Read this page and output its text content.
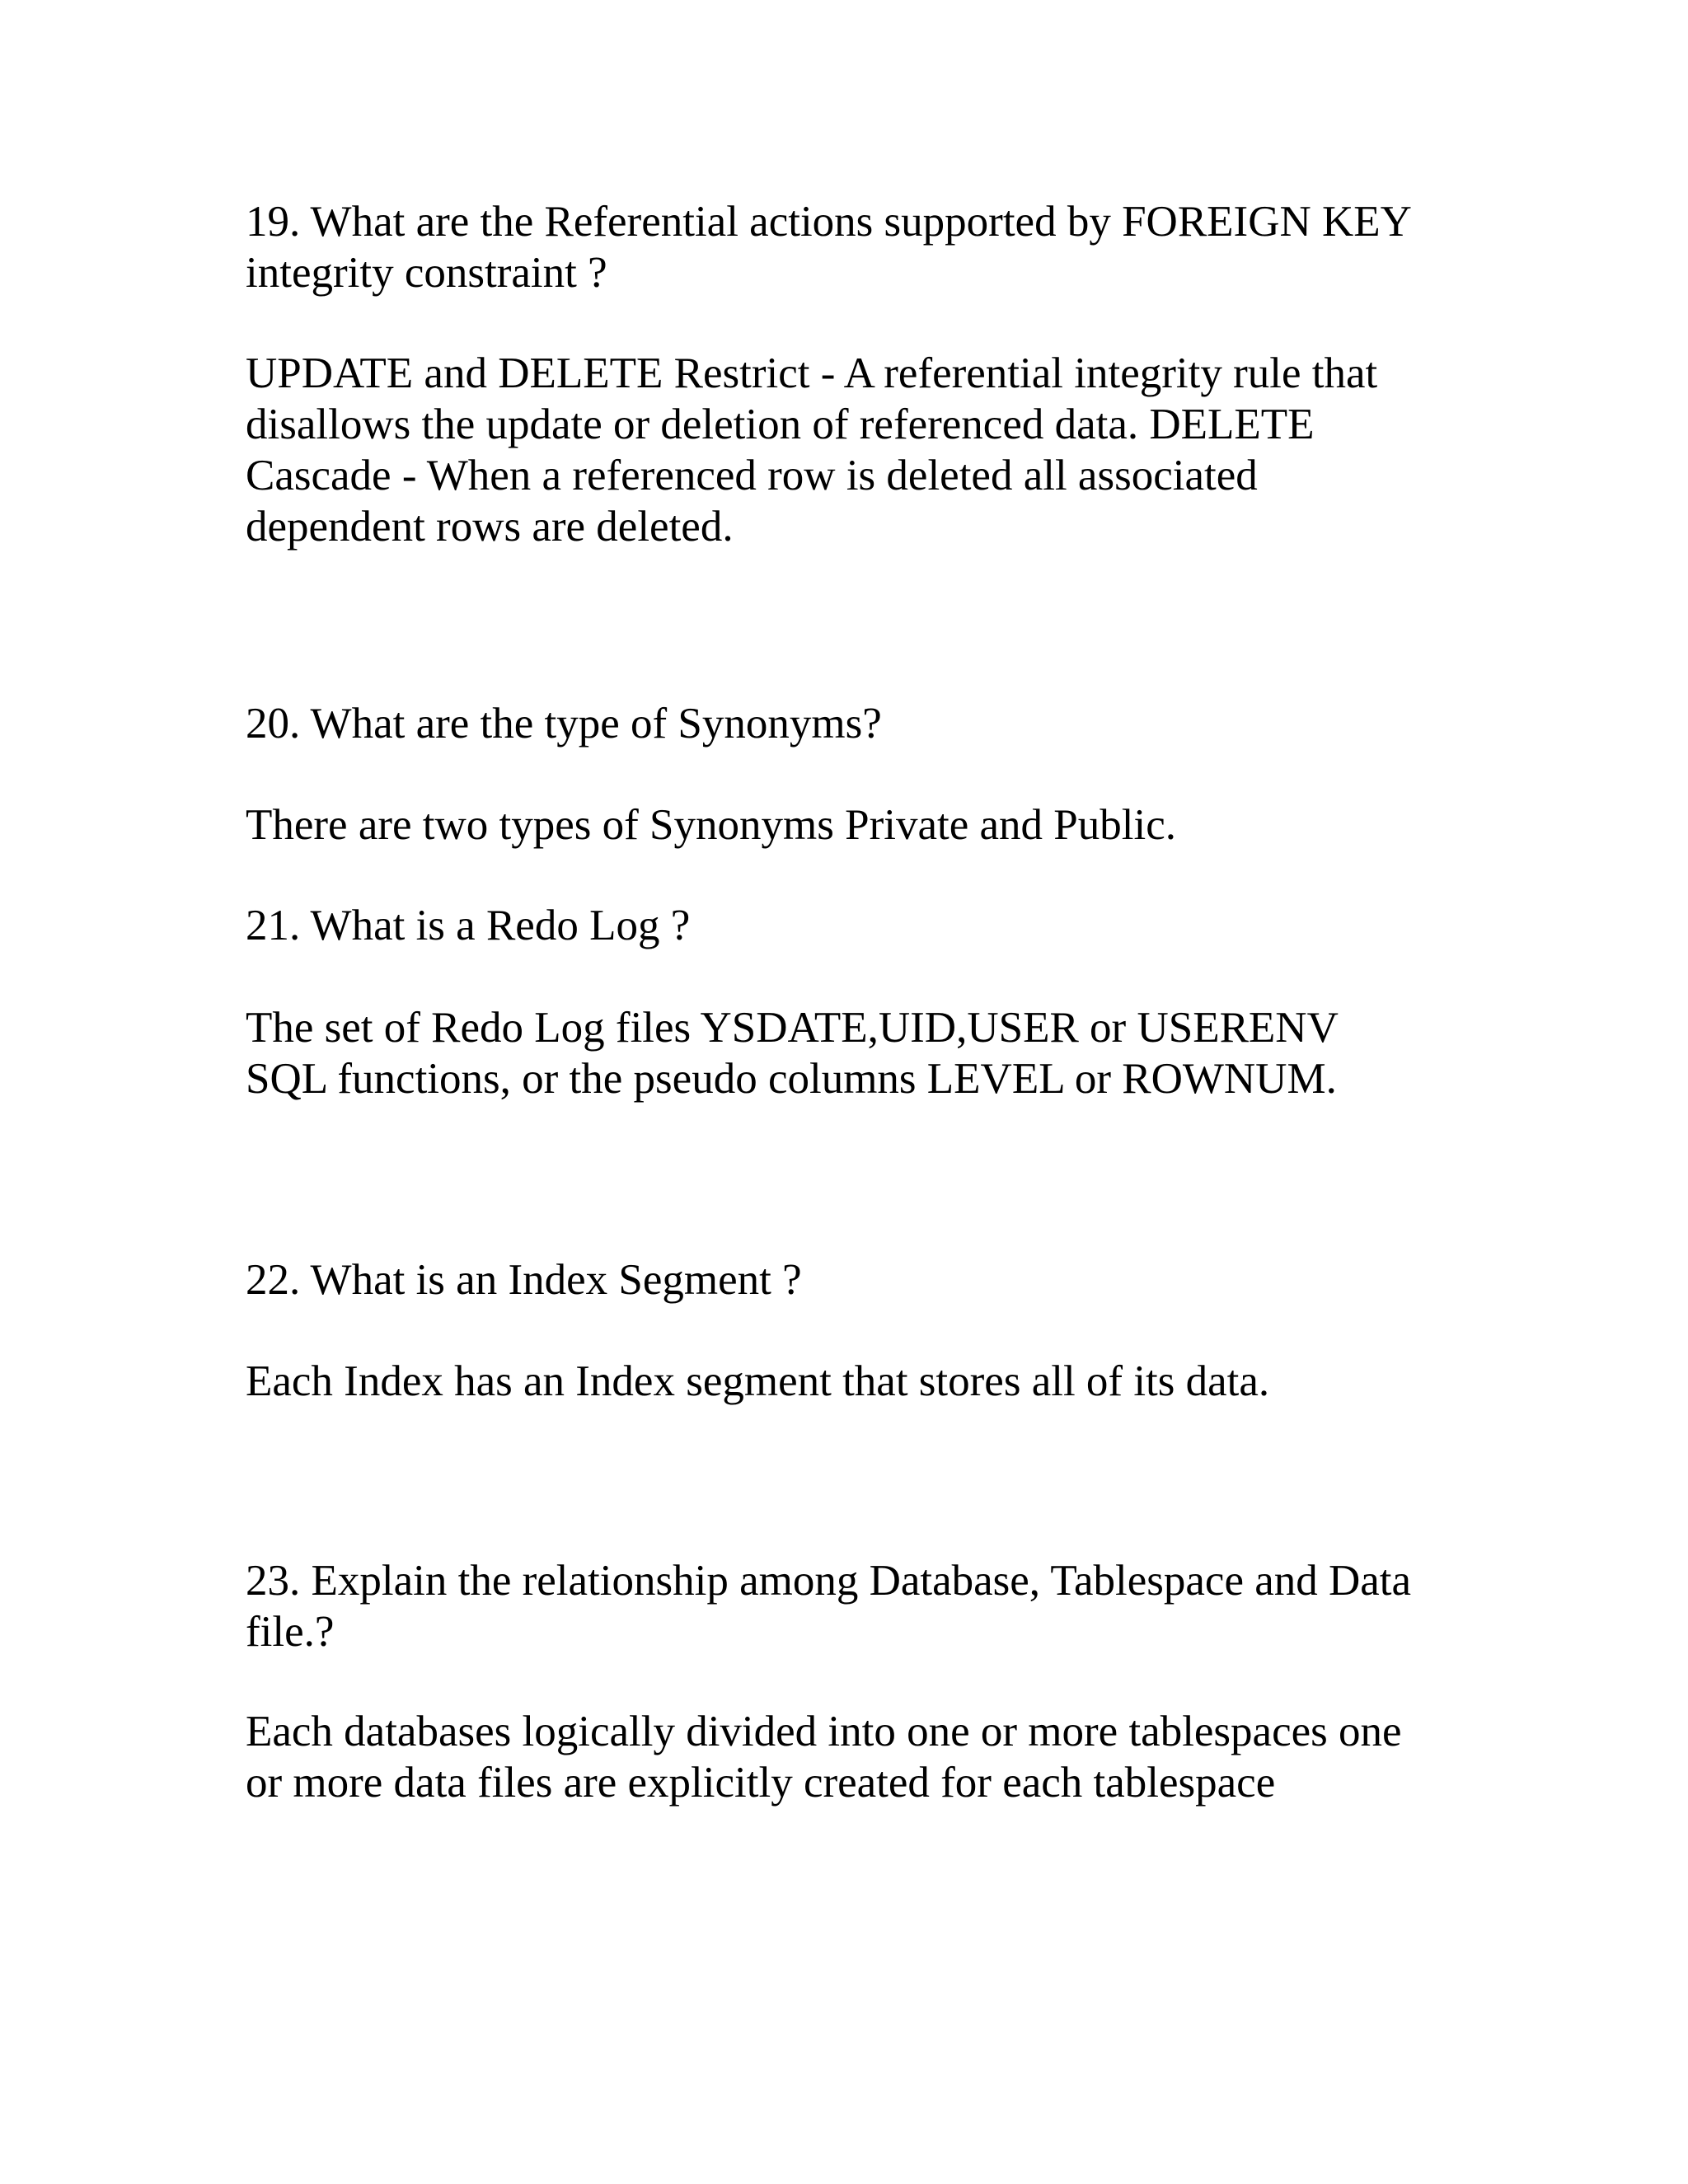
19. What are the Referential actions supported by FOREIGN KEY
integrity constraint ?

UPDATE and DELETE Restrict - A referential integrity rule that
disallows the update or deletion of referenced data. DELETE
Cascade - When a referenced row is deleted all associated
dependent rows are deleted.

20. What are the type of Synonyms?

There are two types of Synonyms Private and Public.

21. What is a Redo Log ?

The set of Redo Log files YSDATE,UID,USER or USERENV
SQL functions, or the pseudo columns LEVEL or ROWNUM.

22. What is an Index Segment ?

Each Index has an Index segment that stores all of its data.

23. Explain the relationship among Database, Tablespace and Data
file.?

Each databases logically divided into one or more tablespaces one
or more data files are explicitly created for each tablespace
